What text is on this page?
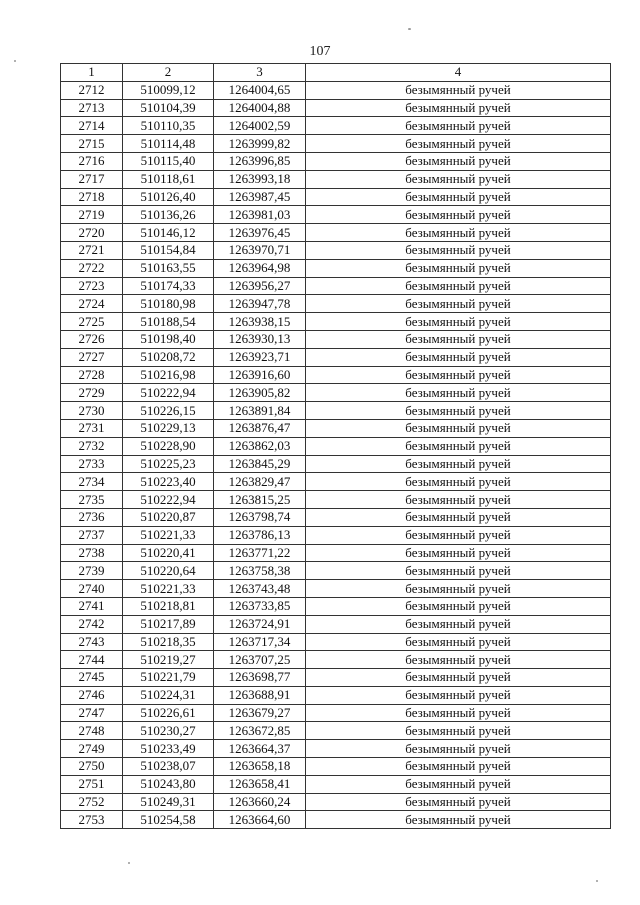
107
1	2	3	4
2712	510099,12	1264004,65	безымянный ручей
2713	510104,39	1264004,88	безымянный ручей
2714	510110,35	1264002,59	безымянный ручей
2715	510114,48	1263999,82	безымянный ручей
2716	510115,40	1263996,85	безымянный ручей
2717	510118,61	1263993,18	безымянный ручей
2718	510126,40	1263987,45	безымянный ручей
2719	510136,26	1263981,03	безымянный ручей
2720	510146,12	1263976,45	безымянный ручей
2721	510154,84	1263970,71	безымянный ручей
2722	510163,55	1263964,98	безымянный ручей
2723	510174,33	1263956,27	безымянный ручей
2724	510180,98	1263947,78	безымянный ручей
2725	510188,54	1263938,15	безымянный ручей
2726	510198,40	1263930,13	безымянный ручей
2727	510208,72	1263923,71	безымянный ручей
2728	510216,98	1263916,60	безымянный ручей
2729	510222,94	1263905,82	безымянный ручей
2730	510226,15	1263891,84	безымянный ручей
2731	510229,13	1263876,47	безымянный ручей
2732	510228,90	1263862,03	безымянный ручей
2733	510225,23	1263845,29	безымянный ручей
2734	510223,40	1263829,47	безымянный ручей
2735	510222,94	1263815,25	безымянный ручей
2736	510220,87	1263798,74	безымянный ручей
2737	510221,33	1263786,13	безымянный ручей
2738	510220,41	1263771,22	безымянный ручей
2739	510220,64	1263758,38	безымянный ручей
2740	510221,33	1263743,48	безымянный ручей
2741	510218,81	1263733,85	безымянный ручей
2742	510217,89	1263724,91	безымянный ручей
2743	510218,35	1263717,34	безымянный ручей
2744	510219,27	1263707,25	безымянный ручей
2745	510221,79	1263698,77	безымянный ручей
2746	510224,31	1263688,91	безымянный ручей
2747	510226,61	1263679,27	безымянный ручей
2748	510230,27	1263672,85	безымянный ручей
2749	510233,49	1263664,37	безымянный ручей
2750	510238,07	1263658,18	безымянный ручей
2751	510243,80	1263658,41	безымянный ручей
2752	510249,31	1263660,24	безымянный ручей
2753	510254,58	1263664,60	безымянный ручей
